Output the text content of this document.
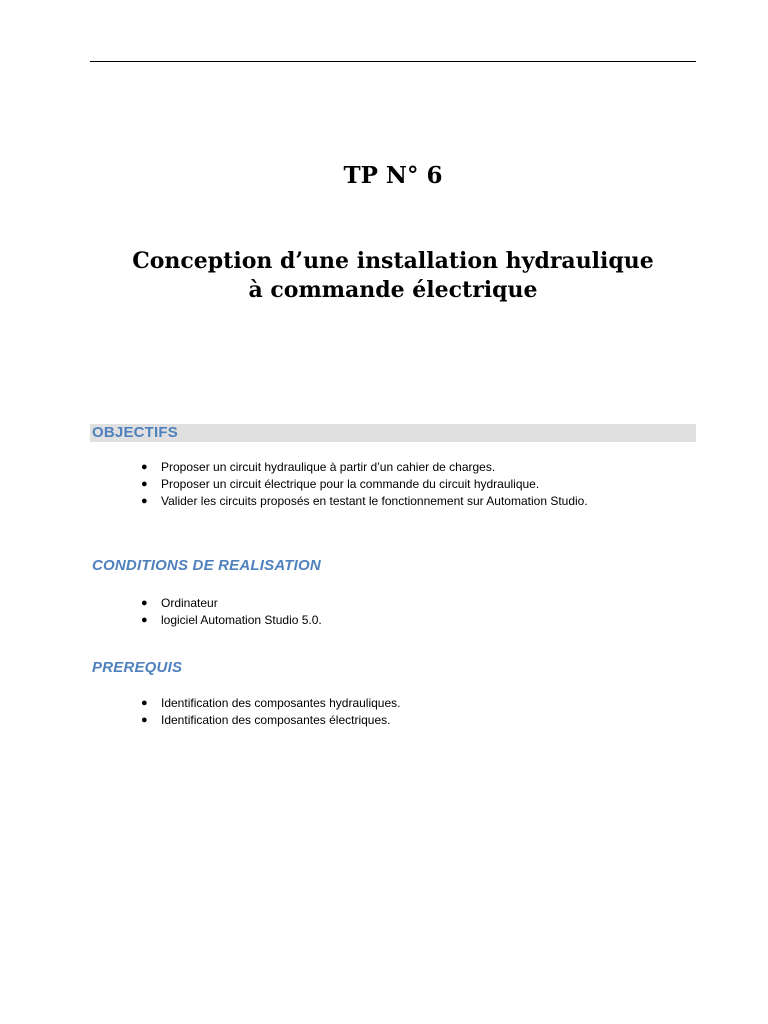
TP N° 6
Conception d’une installation hydraulique
à commande électrique
OBJECTIFS
● Proposer un circuit hydraulique à partir d’un cahier de charges.
● Proposer un circuit électrique pour la commande du circuit hydraulique.
● Valider les circuits proposés en testant le fonctionnement sur Automation Studio.
CONDITIONS DE REALISATION
● Ordinateur
● logiciel Automation Studio 5.0.
PREREQUIS
● Identification des composantes hydrauliques.
● Identification des composantes électriques.
